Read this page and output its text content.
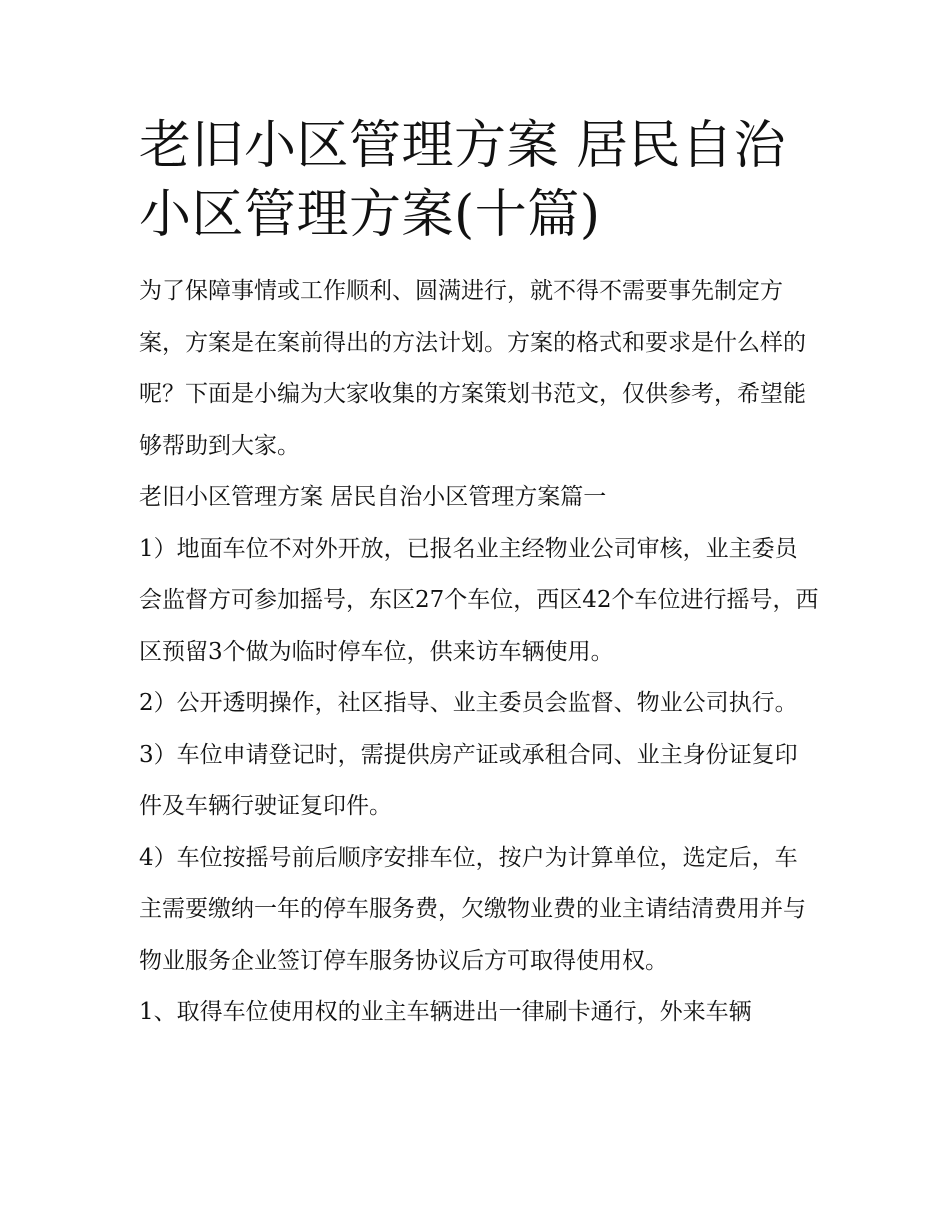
老旧小区管理方案 居民自治小区管理方案(十篇)

为了保障事情或工作顺利、圆满进行，就不得不需要事先制定方案，方案是在案前得出的方法计划。方案的格式和要求是什么样的呢？下面是小编为大家收集的方案策划书范文，仅供参考，希望能够帮助到大家。

老旧小区管理方案 居民自治小区管理方案篇一

1）地面车位不对外开放，已报名业主经物业公司审核，业主委员会监督方可参加摇号，东区27个车位，西区42个车位进行摇号，西区预留3个做为临时停车位，供来访车辆使用。

2）公开透明操作，社区指导、业主委员会监督、物业公司执行。 3）车位申请登记时，需提供房产证或承租合同、业主身份证复印件及车辆行驶证复印件。

4）车位按摇号前后顺序安排车位，按户为计算单位，选定后，车主需要缴纳一年的停车服务费，欠缴物业费的业主请结清费用并与物业服务企业签订停车服务协议后方可取得使用权。

1、取得车位使用权的业主车辆进出一律刷卡通行，外来车辆
